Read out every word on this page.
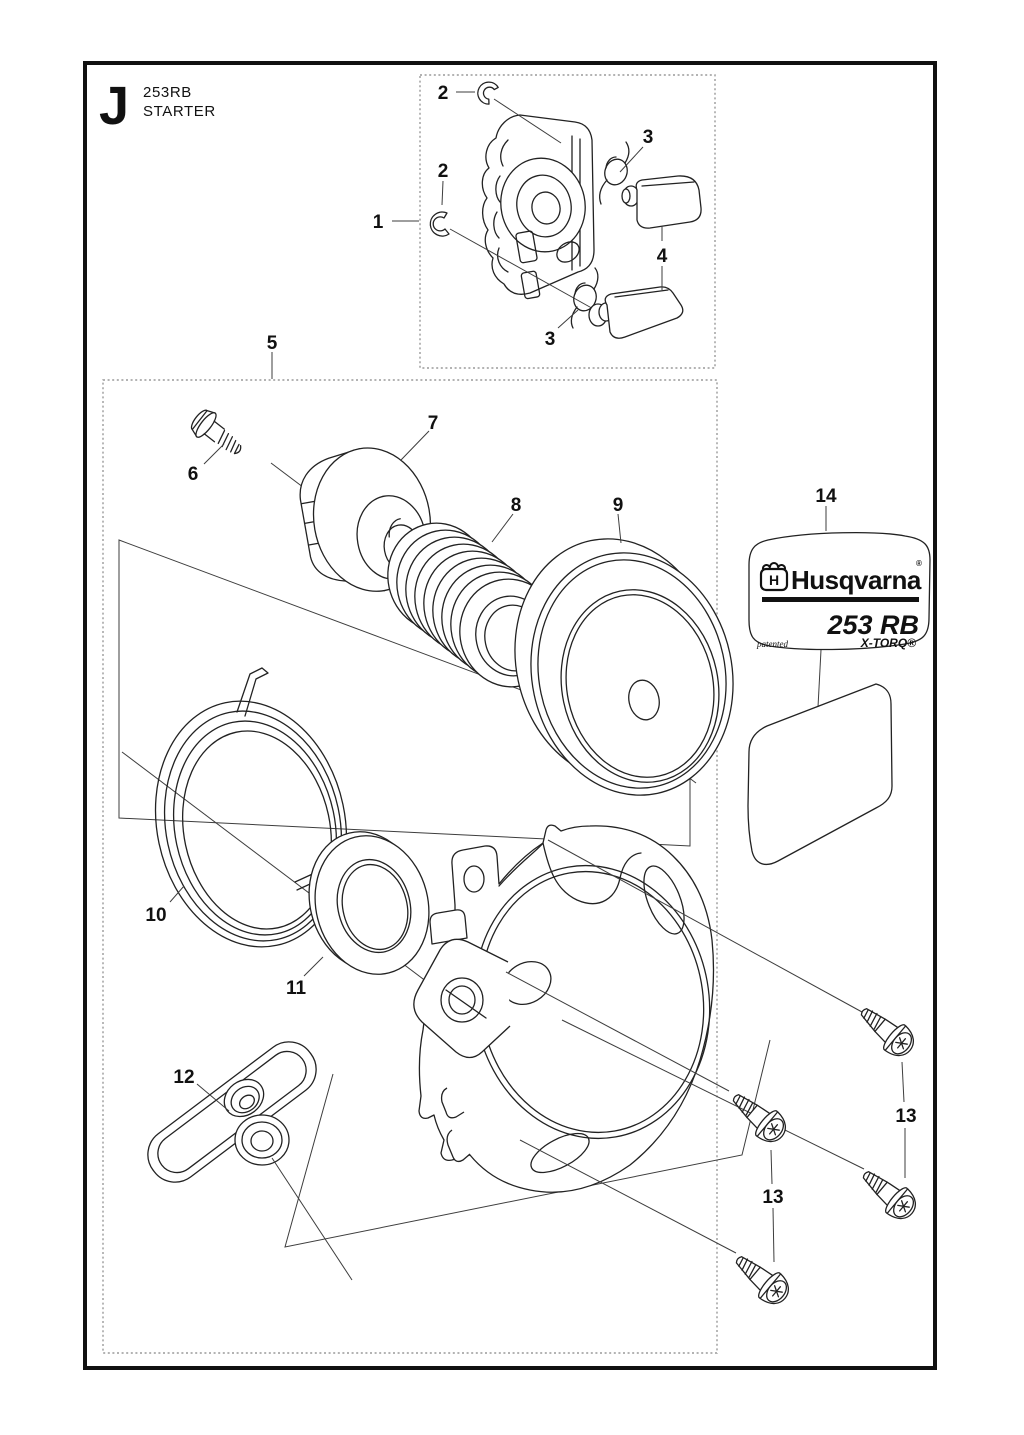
J 253RB
STARTER
H Husqvarna
®
253 RB
patented	X-TORQ®
1
2
2
3
3
4
5
6
7
8	9
10
11
12
13
13
14
